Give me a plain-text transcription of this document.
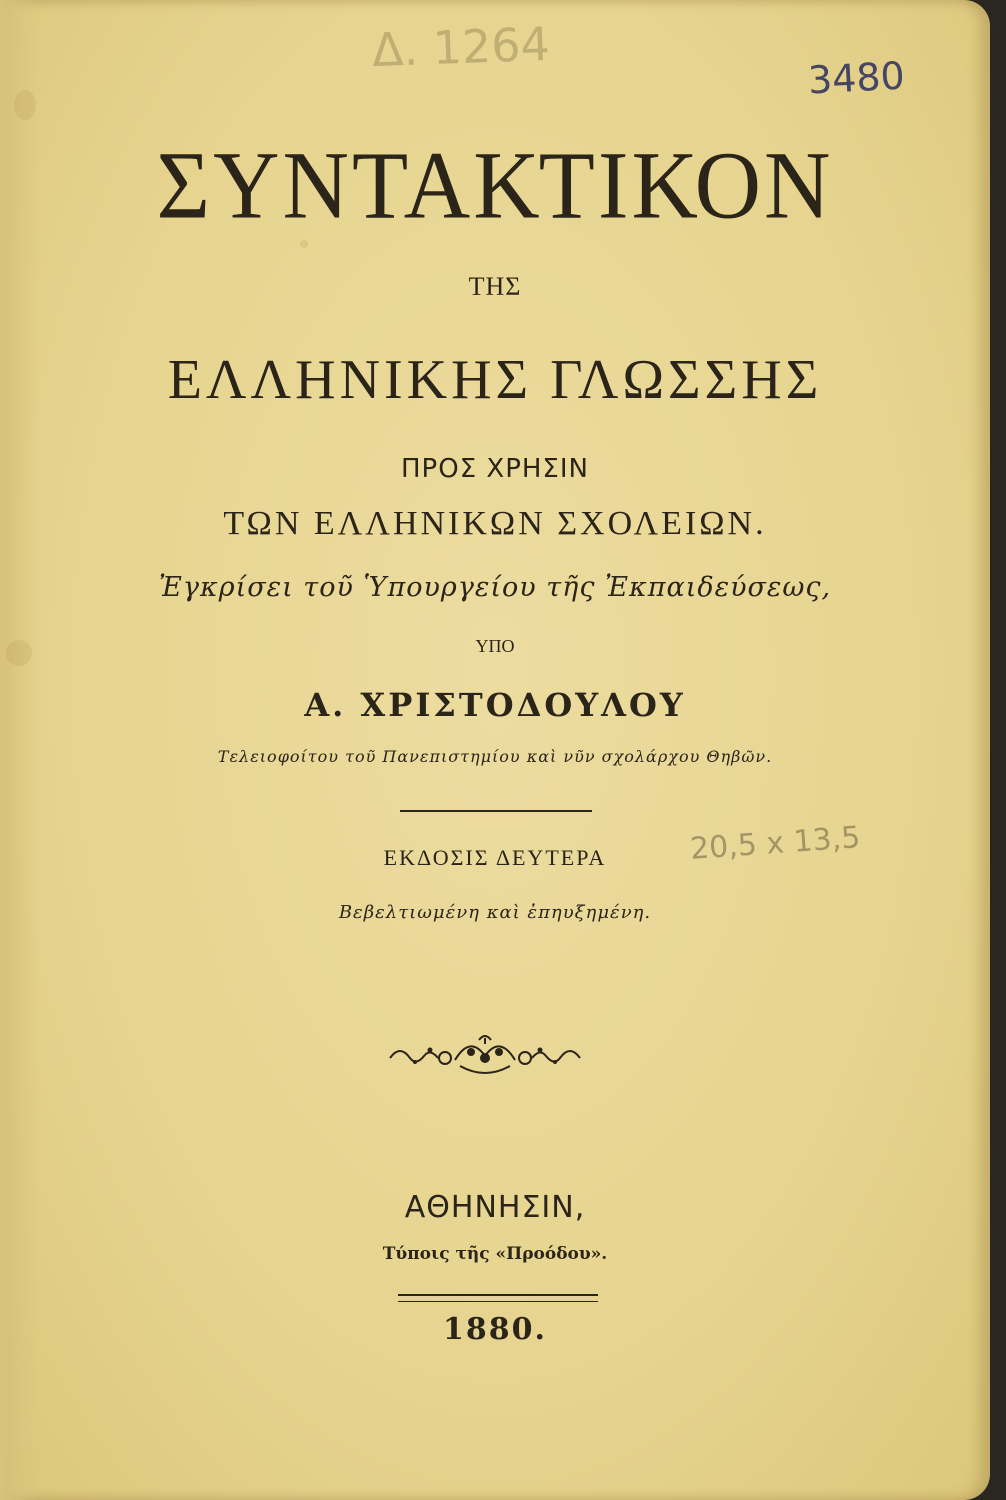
Δ. 1264
3480
20,5 x 13,5
ΣΥΝΤΑΚΤΙΚΟΝ
ΤΗΣ
ΕΛΛΗΝΙΚΗΣ ΓΛΩΣΣΗΣ
ΠΡΟΣ ΧΡΗΣΙΝ
ΤΩΝ ΕΛΛΗΝΙΚΩΝ ΣΧΟΛΕΙΩΝ.
Ἐγκρίσει τοῦ Ὑπουργείου τῆς Ἐκπαιδεύσεως,
ΥΠΟ
Α. ΧΡΙΣΤΟΔΟΥΛΟΥ
Τελειοφοίτου τοῦ Πανεπιστημίου καὶ νῦν σχολάρχου Θηβῶν.
ΕΚΔΟΣΙΣ ΔΕΥΤΕΡΑ
Βεβελτιωμένη καὶ ἐπηυξημένη.
ΑΘΗΝΗΣΙΝ,
Τύποις τῆς «Προόδου».
1880.
